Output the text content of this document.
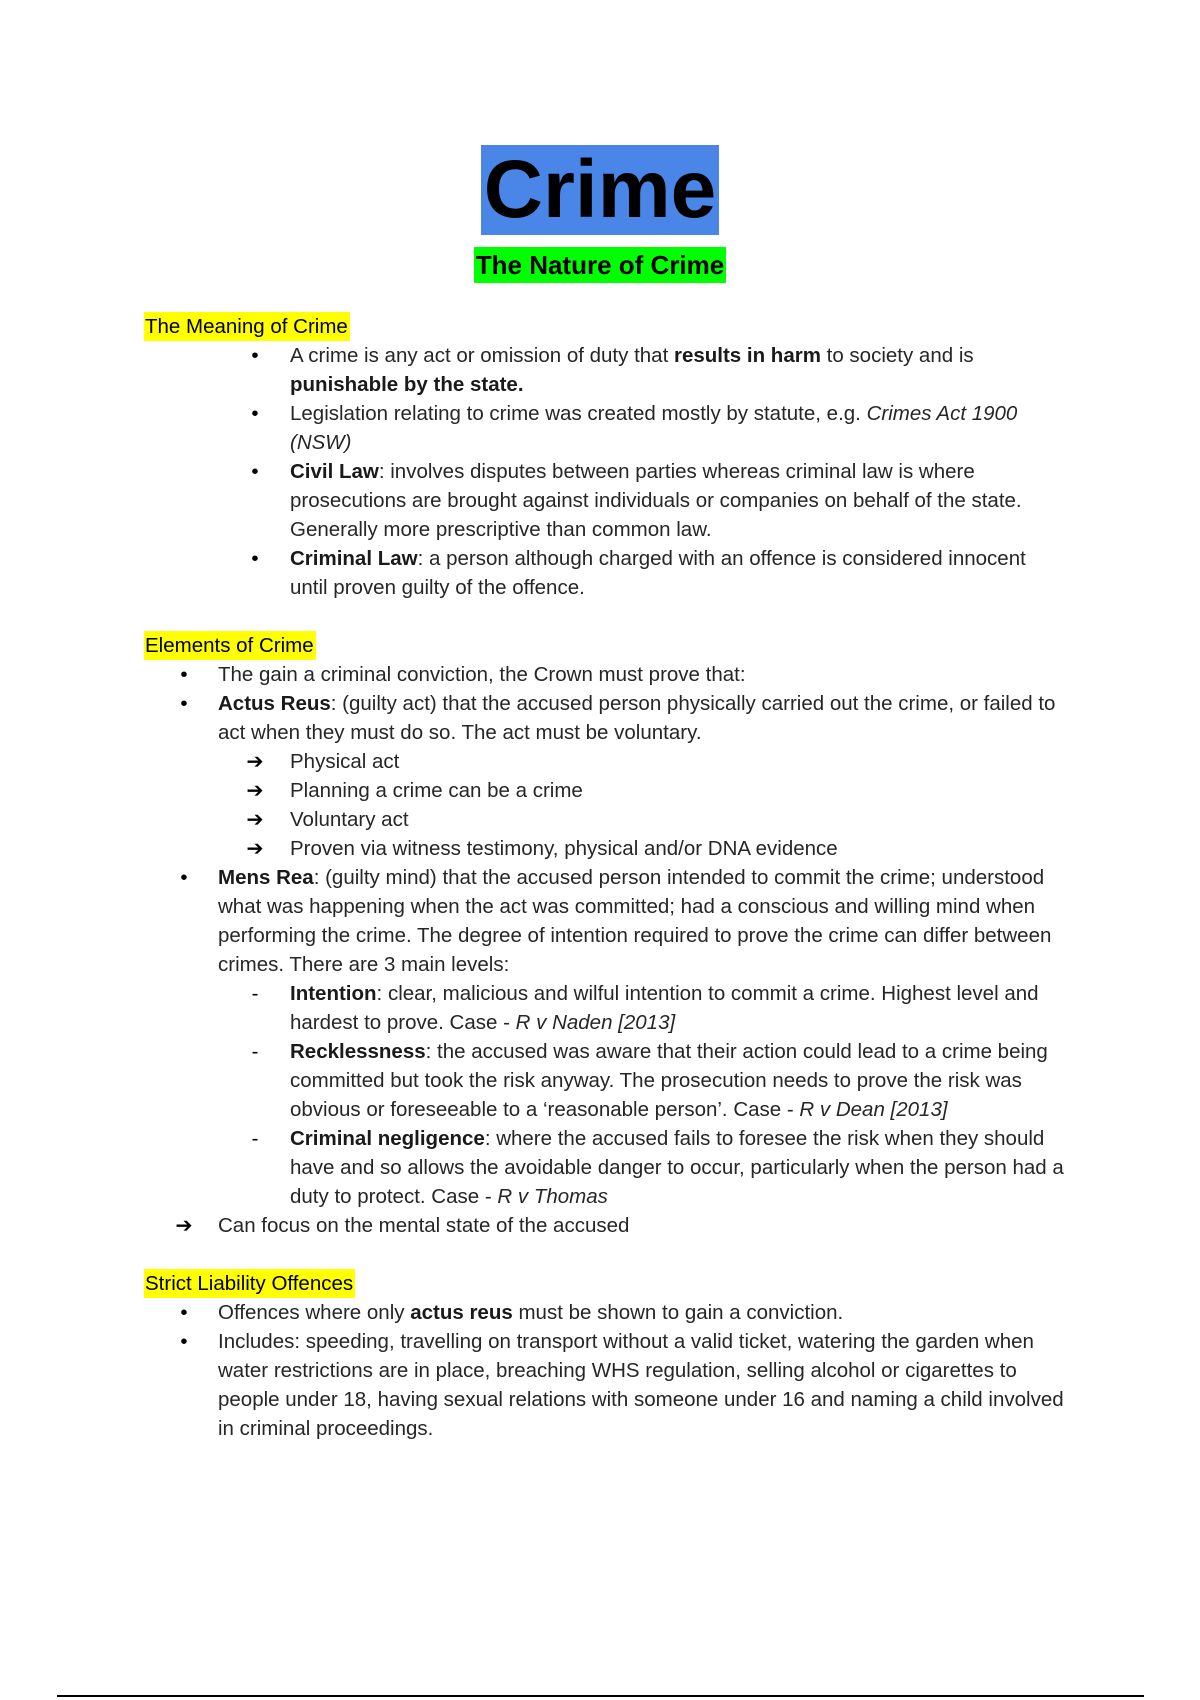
Crime
The Nature of Crime
The Meaning of Crime
•	A crime is any act or omission of duty that results in harm to society and is punishable by the state.
•	Legislation relating to crime was created mostly by statute, e.g. Crimes Act 1900 (NSW)
•	Civil Law: involves disputes between parties whereas criminal law is where prosecutions are brought against individuals or companies on behalf of the state. Generally more prescriptive than common law.
•	Criminal Law: a person although charged with an offence is considered innocent until proven guilty of the offence.
Elements of Crime
•	The gain a criminal conviction, the Crown must prove that:
•	Actus Reus: (guilty act) that the accused person physically carried out the crime, or failed to act when they must do so. The act must be voluntary.
➔ Physical act
➔ Planning a crime can be a crime
➔ Voluntary act
➔ Proven via witness testimony, physical and/or DNA evidence
•	Mens Rea: (guilty mind) that the accused person intended to commit the crime; understood what was happening when the act was committed; had a conscious and willing mind when performing the crime. The degree of intention required to prove the crime can differ between crimes. There are 3 main levels:
-	Intention: clear, malicious and wilful intention to commit a crime. Highest level and hardest to prove. Case - R v Naden [2013]
-	Recklessness: the accused was aware that their action could lead to a crime being committed but took the risk anyway. The prosecution needs to prove the risk was obvious or foreseeable to a ‘reasonable person’. Case - R v Dean [2013]
-	Criminal negligence: where the accused fails to foresee the risk when they should have and so allows the avoidable danger to occur, particularly when the person had a duty to protect. Case - R v Thomas
➔ Can focus on the mental state of the accused
Strict Liability Offences
•	Offences where only actus reus must be shown to gain a conviction.
•	Includes: speeding, travelling on transport without a valid ticket, watering the garden when water restrictions are in place, breaching WHS regulation, selling alcohol or cigarettes to people under 18, having sexual relations with someone under 16 and naming a child involved in criminal proceedings.
